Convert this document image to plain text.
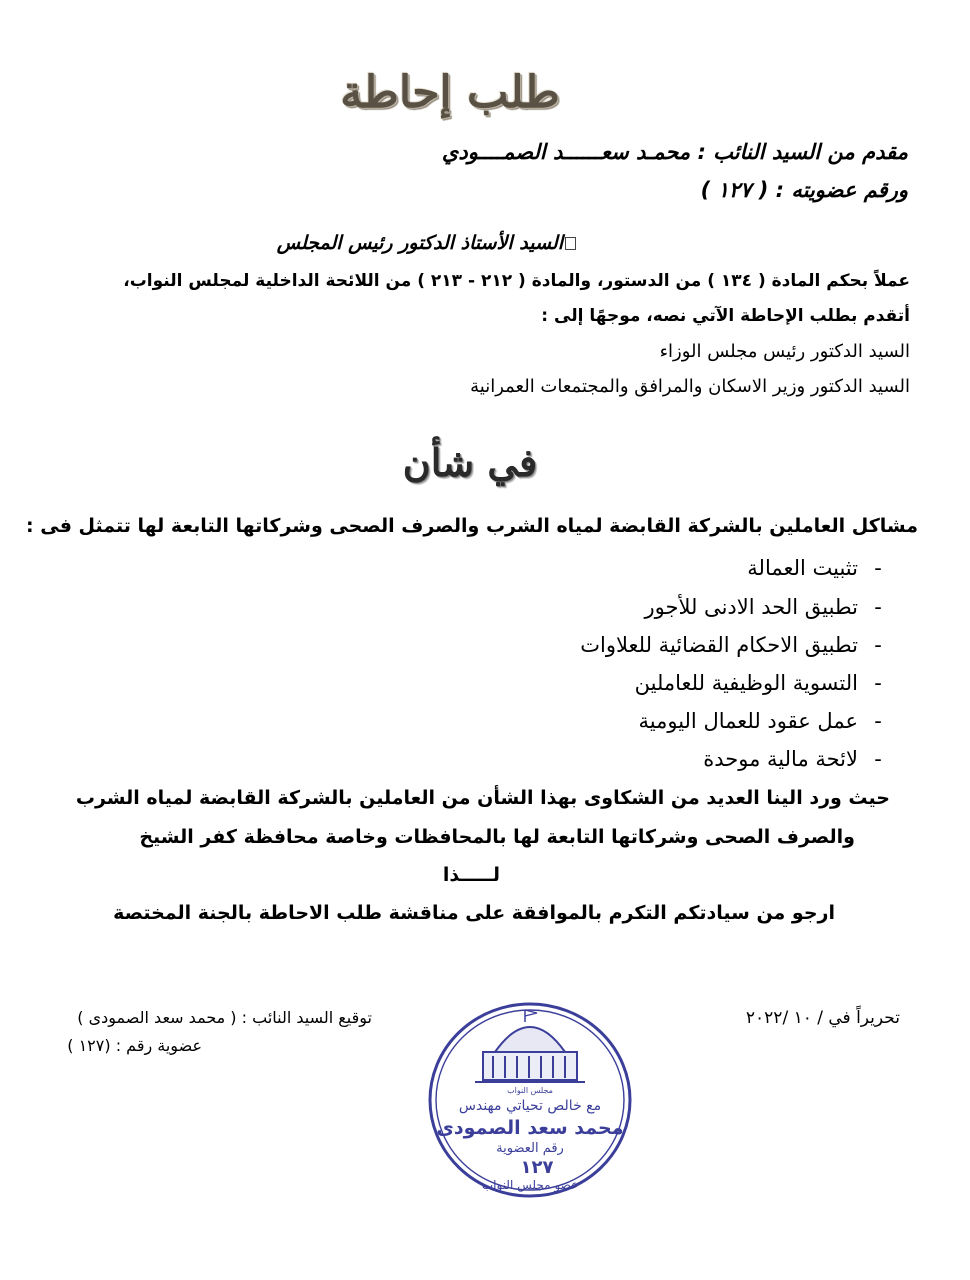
طلب إحاطة
مقدم من السيد النائب : محمـد سعــــــد الصمــــودي
ورقم عضويته : ( ١٢٧ )
السيد الأستاذ الدكتور رئيس المجلس
عملاً بحكم المادة ( ١٣٤ ) من الدستور، والمادة ( ٢١٢ - ٢١٣ ) من اللائحة الداخلية لمجلس النواب،
أتقدم بطلب الإحاطة الآتي نصه، موجهًا إلى :
السيد الدكتور رئيس مجلس الوزاء
السيد الدكتور وزير الاسكان والمرافق والمجتمعات العمرانية
في شأن
مشاكل العاملين بالشركة القابضة لمياه الشرب والصرف الصحى وشركاتها التابعة لها تتمثل فى :
-تثبيت العمالة
-تطبيق الحد الادنى للأجور
-تطبيق الاحكام القضائية للعلاوات
-التسوية الوظيفية للعاملين
-عمل عقود للعمال اليومية
-لائحة مالية موحدة
حيث ورد الينا العديد من الشكاوى بهذا الشأن من العاملين بالشركة القابضة لمياه الشرب
والصرف الصحى وشركاتها التابعة لها بالمحافظات وخاصة محافظة كفر الشيخ
لـــــذا
ارجو من سيادتكم التكرم بالموافقة على مناقشة طلب الاحاطة بالجنة المختصة
تحريراً في / ١٠ /٢٠٢٢
توقيع السيد النائب : ( محمد سعد الصمودى )
عضوية رقم : (١٢٧ )
مجلس النواب
مع خالص تحياتي مهندس
محمد سعد الصمودى
رقم العضوية
١٢٧
عضو مجلس النواب
